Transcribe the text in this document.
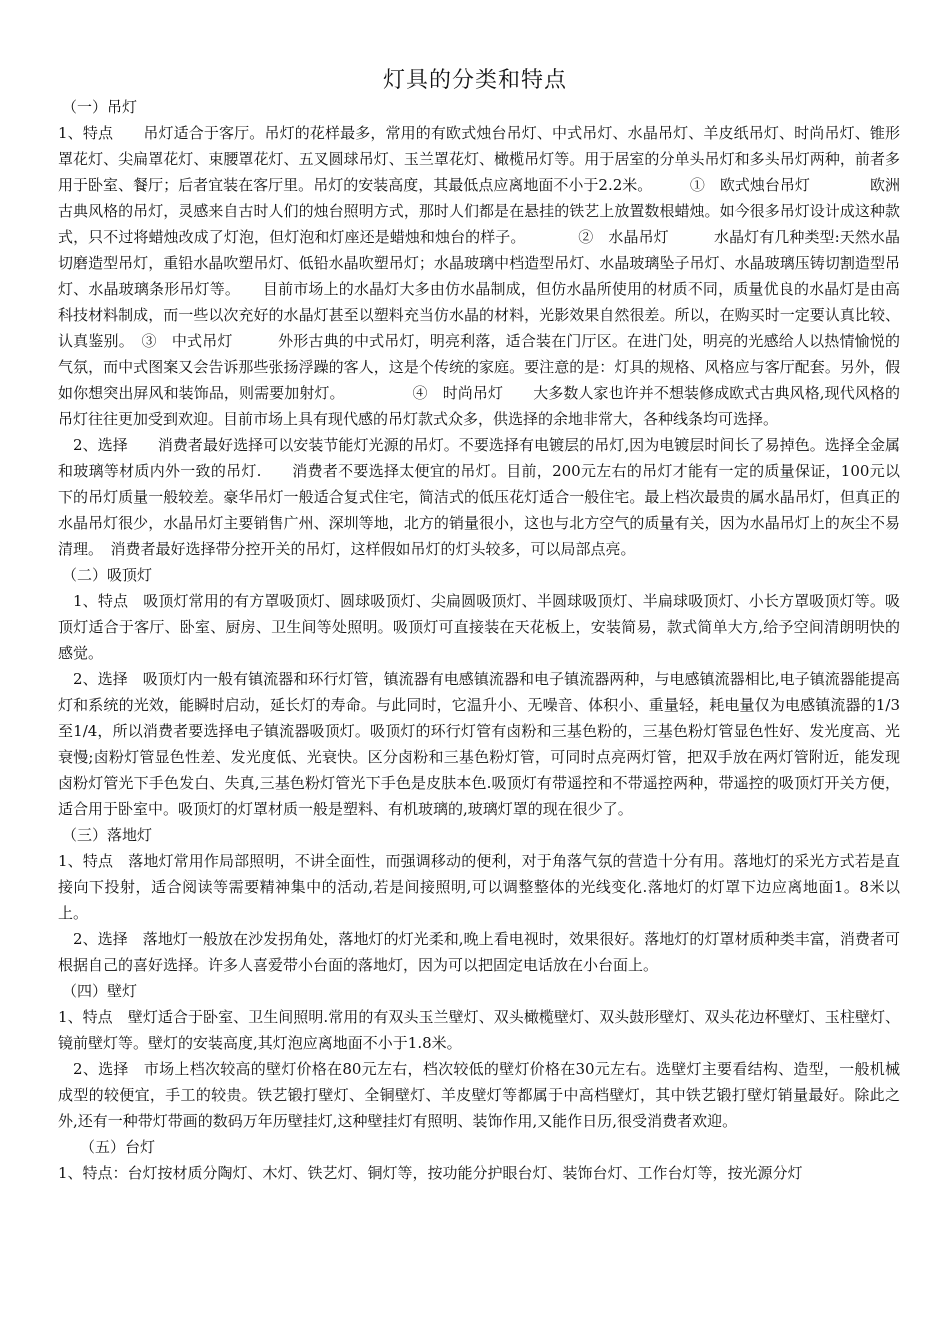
灯具的分类和特点

（一）吊灯

1、特点　　吊灯适合于客厅。吊灯的花样最多，常用的有欧式烛台吊灯、中式吊灯、水晶吊灯、羊皮纸吊灯、时尚吊灯、锥形罩花灯、尖扁罩花灯、束腰罩花灯、五叉圆球吊灯、玉兰罩花灯、橄榄吊灯等。用于居室的分单头吊灯和多头吊灯两种，前者多用于卧室、餐厅；后者宜装在客厅里。吊灯的安装高度，其最低点应离地面不小于2.2米。　　　①　欧式烛台吊灯　　　　欧洲古典风格的吊灯，灵感来自古时人们的烛台照明方式，那时人们都是在悬挂的铁艺上放置数根蜡烛。如今很多吊灯设计成这种款式，只不过将蜡烛改成了灯泡，但灯泡和灯座还是蜡烛和烛台的样子。　　　　②　水晶吊灯　　　水晶灯有几种类型:天然水晶切磨造型吊灯，重铅水晶吹塑吊灯、低铅水晶吹塑吊灯；水晶玻璃中档造型吊灯、水晶玻璃坠子吊灯、水晶玻璃压铸切割造型吊灯、水晶玻璃条形吊灯等。　　目前市场上的水晶灯大多由仿水晶制成，但仿水晶所使用的材质不同，质量优良的水晶灯是由高科技材料制成，而一些以次充好的水晶灯甚至以塑料充当仿水晶的材料，光影效果自然很差。所以，在购买时一定要认真比较、认真鉴别。　③　中式吊灯　　　外形古典的中式吊灯，明亮利落，适合装在门厅区。在进门处，明亮的光感给人以热情愉悦的气氛，而中式图案又会告诉那些张扬浮躁的客人，这是个传统的家庭。要注意的是：灯具的规格、风格应与客厅配套。另外，假如你想突出屏风和装饰品，则需要加射灯。　　　　　④　时尚吊灯　　大多数人家也许并不想装修成欧式古典风格,现代风格的吊灯往往更加受到欢迎。目前市场上具有现代感的吊灯款式众多，供选择的余地非常大，各种线条均可选择。

2、选择　　消费者最好选择可以安装节能灯光源的吊灯。不要选择有电镀层的吊灯,因为电镀层时间长了易掉色。选择全金属和玻璃等材质内外一致的吊灯.　　消费者不要选择太便宜的吊灯。目前，200元左右的吊灯才能有一定的质量保证，100元以下的吊灯质量一般较差。豪华吊灯一般适合复式住宅，简洁式的低压花灯适合一般住宅。最上档次最贵的属水晶吊灯，但真正的水晶吊灯很少，水晶吊灯主要销售广州、深圳等地，北方的销量很小，这也与北方空气的质量有关，因为水晶吊灯上的灰尘不易清理。　消费者最好选择带分控开关的吊灯，这样假如吊灯的灯头较多，可以局部点亮。

（二）吸顶灯

1、特点　吸顶灯常用的有方罩吸顶灯、圆球吸顶灯、尖扁圆吸顶灯、半圆球吸顶灯、半扁球吸顶灯、小长方罩吸顶灯等。吸顶灯适合于客厅、卧室、厨房、卫生间等处照明。吸顶灯可直接装在天花板上，安装简易，款式简单大方,给予空间清朗明快的感觉。

2、选择　吸顶灯内一般有镇流器和环行灯管，镇流器有电感镇流器和电子镇流器两种，与电感镇流器相比,电子镇流器能提高灯和系统的光效，能瞬时启动，延长灯的寿命。与此同时，它温升小、无噪音、体积小、重量轻，耗电量仅为电感镇流器的1/3至1/4，所以消费者要选择电子镇流器吸顶灯。吸顶灯的环行灯管有卤粉和三基色粉的，三基色粉灯管显色性好、发光度高、光衰慢;卤粉灯管显色性差、发光度低、光衰快。区分卤粉和三基色粉灯管，可同时点亮两灯管，把双手放在两灯管附近，能发现卤粉灯管光下手色发白、失真,三基色粉灯管光下手色是皮肤本色.吸顶灯有带遥控和不带遥控两种，带遥控的吸顶灯开关方便，适合用于卧室中。吸顶灯的灯罩材质一般是塑料、有机玻璃的,玻璃灯罩的现在很少了。

（三）落地灯

1、特点　落地灯常用作局部照明，不讲全面性，而强调移动的便利，对于角落气氛的营造十分有用。落地灯的采光方式若是直接向下投射，适合阅读等需要精神集中的活动,若是间接照明,可以调整整体的光线变化.落地灯的灯罩下边应离地面1。8米以上。

2、选择　落地灯一般放在沙发拐角处，落地灯的灯光柔和,晚上看电视时，效果很好。落地灯的灯罩材质种类丰富，消费者可根据自己的喜好选择。许多人喜爱带小台面的落地灯，因为可以把固定电话放在小台面上。

（四）壁灯

1、特点　壁灯适合于卧室、卫生间照明.常用的有双头玉兰壁灯、双头橄榄壁灯、双头鼓形壁灯、双头花边杯壁灯、玉柱壁灯、镜前壁灯等。壁灯的安装高度,其灯泡应离地面不小于1.8米。

2、选择　市场上档次较高的壁灯价格在80元左右，档次较低的壁灯价格在30元左右。选壁灯主要看结构、造型，一般机械成型的较便宜，手工的较贵。铁艺锻打壁灯、全铜壁灯、羊皮壁灯等都属于中高档壁灯，其中铁艺锻打壁灯销量最好。除此之外,还有一种带灯带画的数码万年历壁挂灯,这种壁挂灯有照明、装饰作用,又能作日历,很受消费者欢迎。

（五）台灯

1、特点：台灯按材质分陶灯、木灯、铁艺灯、铜灯等，按功能分护眼台灯、装饰台灯、工作台灯等，按光源分灯
